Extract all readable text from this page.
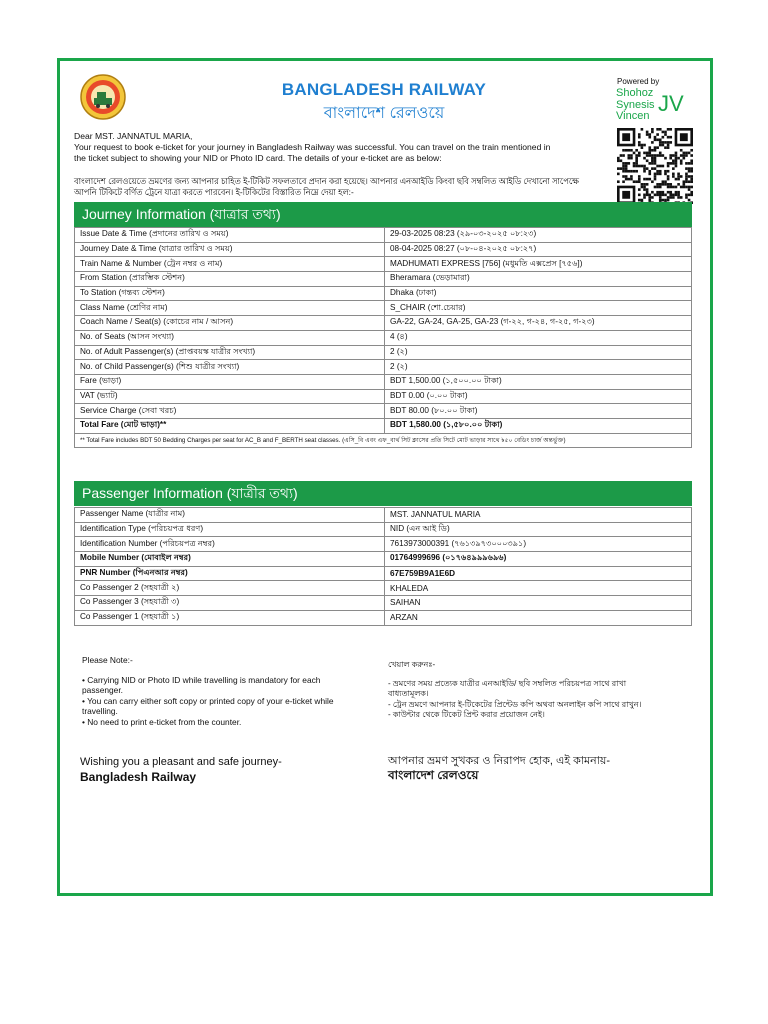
BANGLADESH RAILWAY
বাংলাদেশ রেলওয়ে
Powered by
Shohoz
Synesis
Vincen JV
Dear MST. JANNATUL MARIA,
Your request to book e-ticket for your journey in Bangladesh Railway was successful. You can travel on the train mentioned in
the ticket subject to showing your NID or Photo ID card. The details of your e-ticket are as below:
বাংলাদেশ রেলওয়েতে ভ্রমণের জন্য আপনার চাহিত ই-টিকিট সফলতাবে প্রদান করা হয়েছে। আপনার এনআইডি কিংবা ছবি সম্বলিত আইডি দেখানো সাপেক্ষে
আপনি টিকিটে বর্ণিত ট্রেনে যাত্রা করতে পারবেন। ই-টিকিটের বিস্তারিত নিম্নে দেয়া হল:-
Journey Information (যাত্রার তথ্য)
Issue Date & Time (প্রদানের তারিখ ও সময়)	29-03-2025 08:23 (২৯-০৩-২০২৫ ০৮:২৩)
Journey Date & Time (যাত্রার তারিখ ও সময়)	08-04-2025 08:27 (০৮-০৪-২০২৫ ০৮:২৭)
Train Name & Number (ট্রেন নম্বর ও নাম)	MADHUMATI EXPRESS [756] (মধুমতি এক্সপ্রেস [৭৫৬])
From Station (প্রারম্ভিক স্টেশন)	Bheramara (ভেড়ামারা)
To Station (গন্তব্য স্টেশন)	Dhaka (ঢাকা)
Class Name (শ্রেণির নাম)	S_CHAIR (শো.চেয়ার)
Coach Name / Seat(s) (কোচের নাম / আসন)	GA-22, GA-24, GA-25, GA-23 (গ-২২, গ-২৪, গ-২৫, গ-২৩)
No. of Seats (আসন সংখ্যা)	4 (৪)
No. of Adult Passenger(s) (প্রাপ্তবয়স্ক যাত্রীর সংখ্যা)	2 (২)
No. of Child Passenger(s) (শিশু যাত্রীর সংখ্যা)	2 (২)
Fare (ভাড়া)	BDT 1,500.00 (১,৫০০.০০ টাকা)
VAT (ভ্যাট)	BDT 0.00 (০.০০ টাকা)
Service Charge (সেবা খরচ)	BDT 80.00 (৮০.০০ টাকা)
Total Fare (মোট ভাড়া)**	BDT 1,580.00 (১,৫৮০.০০ টাকা)
** Total Fare includes BDT 50 Bedding Charges per seat for AC_B and F_BERTH seat classes. (এসি_বি এবং এফ_বার্থ সিট ক্লাসের প্রতি সিটে মোট ভাড়ার সাথে ৳৫০ বেডিং চার্জ অন্তর্ভুক্ত)	
Passenger Information (যাত্রীর তথ্য)
Passenger Name (যাত্রীর নাম)	MST. JANNATUL MARIA
Identification Type (পরিচয়পত্র ধরণ)	NID (এন আই ডি)
Identification Number (পরিচয়পত্র নম্বর)	7613973000391 (৭৬১৩৯৭৩০০০৩৯১)
Mobile Number (মোবাইল নম্বর)	01764999696 (০১৭৬৪৯৯৯৬৯৬)
PNR Number (পিএনআর নম্বর)	67E759B9A1E6D
Co Passenger 2 (সহযাত্রী ২)	KHALEDA
Co Passenger 3 (সহযাত্রী ৩)	SAIHAN
Co Passenger 1 (সহযাত্রী ১)	ARZAN
Please Note:-
• Carrying NID or Photo ID while travelling is mandatory for each
passenger.
• You can carry either soft copy or printed copy of your e-ticket while
travelling.
• No need to print e-ticket from the counter.
খেয়াল করুনঃ-
- ভ্রমণের সময় প্রত্যেক যাত্রীর এনআইডি/ ছবি সম্বলিত পরিচয়পত্র সাথে রাখা
বাধ্যতামূলক।
- ট্রেন ভ্রমণে আপনার ই-টিকেটের প্রিন্টেড কপি অথবা অনলাইন কপি সাথে রাখুন।
- কাউন্টার থেকে টিকেট প্রিন্ট করার প্রয়োজন নেই।
Wishing you a pleasant and safe journey-
Bangladesh Railway
আপনার ভ্রমণ সুখকর ও নিরাপদ হোক, এই কামনায়-
বাংলাদেশ রেলওয়ে
